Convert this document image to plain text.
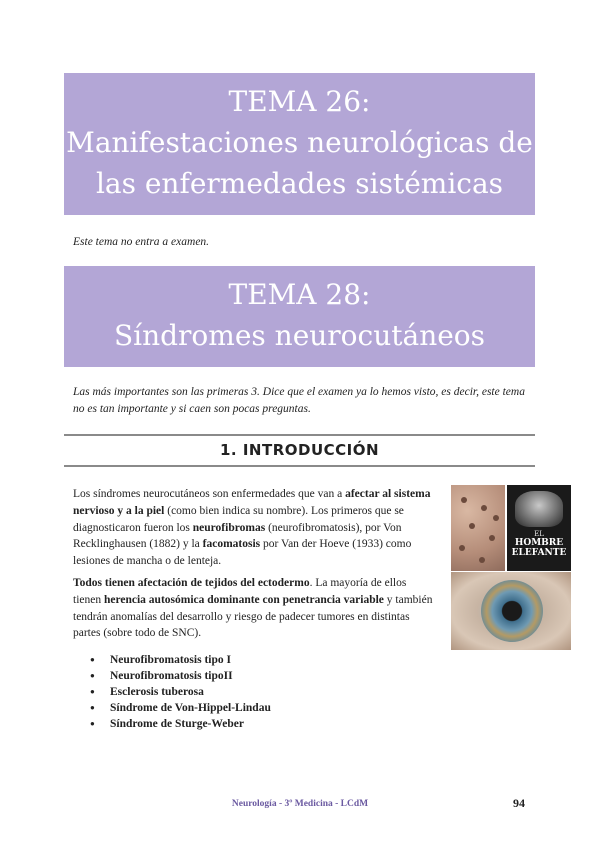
TEMA 26:
Manifestaciones neurológicas de
las enfermedades sistémicas
Este tema no entra a examen.
TEMA 28:
Síndromes neurocutáneos
Las más importantes son las primeras 3. Dice que el examen ya lo hemos visto, es decir, este tema no es tan importante y si caen son pocas preguntas.
1. INTRODUCCIÓN
Los síndromes neurocutáneos son enfermedades que van a afectar al sistema nervioso y a la piel (como bien indica su nombre). Los primeros que se diagnosticaron fueron los neurofibromas (neurofibromatosis), por Von Recklinghausen (1882) y la facomatosis por Van der Hoeve (1933) como lesiones de mancha o de lenteja.
Todos tienen afectación de tejidos del ectodermo. La mayoría de ellos tienen herencia autosómica dominante con penetrancia variable y también tendrán anomalías del desarrollo y riesgo de padecer tumores en distintas partes (sobre todo de SNC).
● Neurofibromatosis tipo I
● Neurofibromatosis tipoII
● Esclerosis tuberosa
● Síndrome de Von-Hippel-Lindau
● Síndrome de Sturge-Weber
EL
HOMBRE
ELEFANTE
Neurología - 3º Medicina - LCdM	94
